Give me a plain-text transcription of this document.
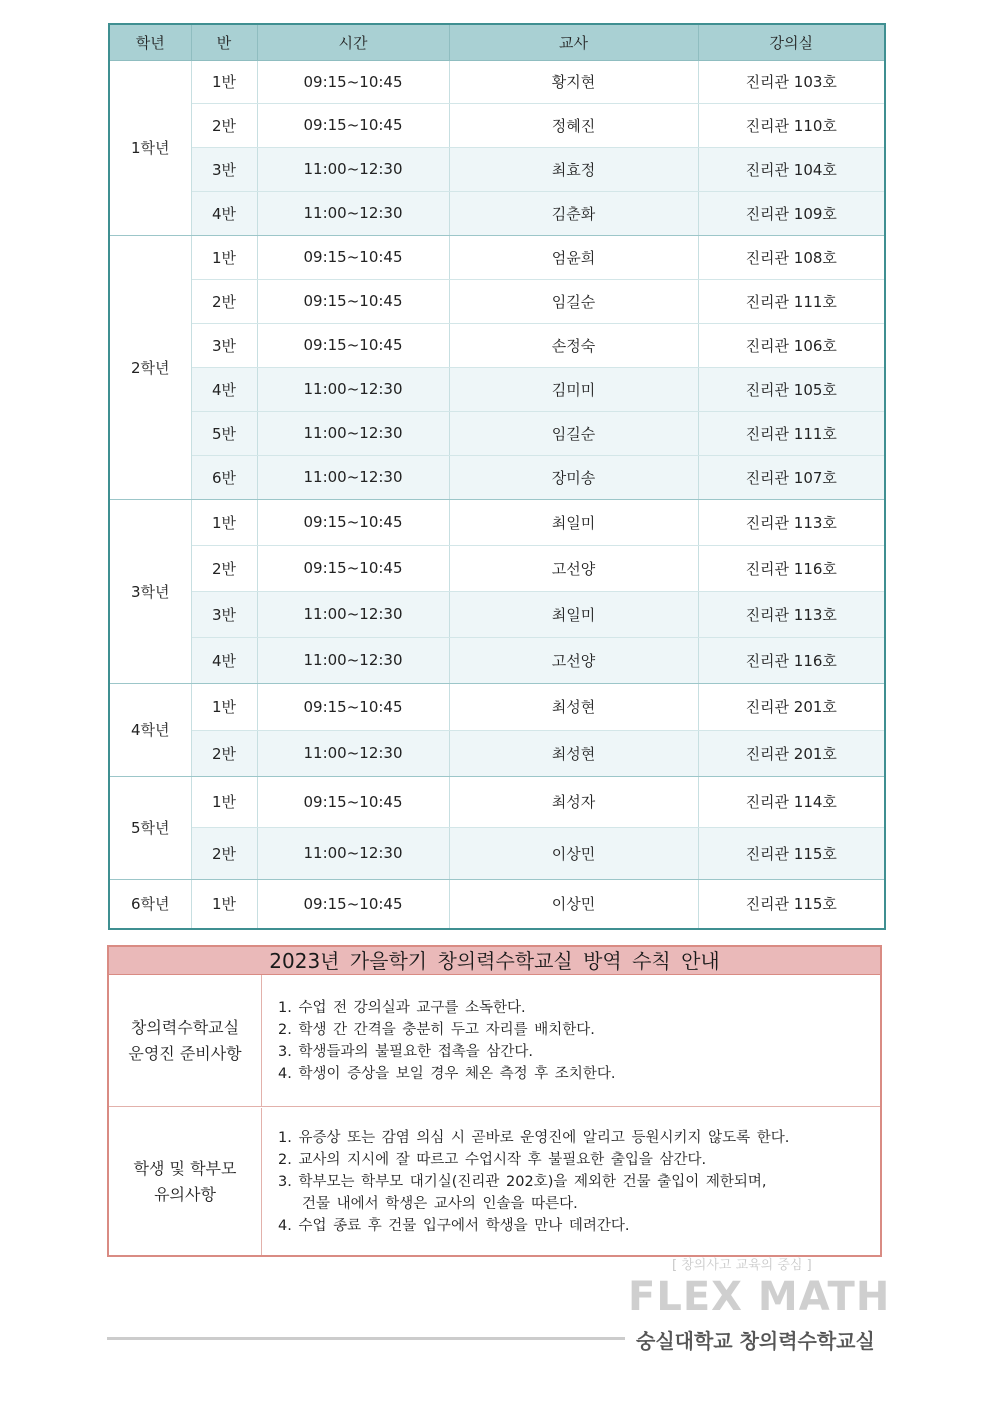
학년	반	시간	교사	강의실
1학년	1반	09:15~10:45	황지현	진리관 103호
	2반	09:15~10:45	정혜진	진리관 110호
	3반	11:00~12:30	최효정	진리관 104호
	4반	11:00~12:30	김춘화	진리관 109호
2학년	1반	09:15~10:45	엄윤희	진리관 108호
	2반	09:15~10:45	임길순	진리관 111호
	3반	09:15~10:45	손정숙	진리관 106호
	4반	11:00~12:30	김미미	진리관 105호
	5반	11:00~12:30	임길순	진리관 111호
	6반	11:00~12:30	장미송	진리관 107호
3학년	1반	09:15~10:45	최일미	진리관 113호
	2반	09:15~10:45	고선양	진리관 116호
	3반	11:00~12:30	최일미	진리관 113호
	4반	11:00~12:30	고선양	진리관 116호
4학년	1반	09:15~10:45	최성현	진리관 201호
	2반	11:00~12:30	최성현	진리관 201호
5학년	1반	09:15~10:45	최성자	진리관 114호
	2반	11:00~12:30	이상민	진리관 115호
6학년	1반	09:15~10:45	이상민	진리관 115호
2023년 가을학기 창의력수학교실 방역 수칙 안내
창의력수학교실
운영진 준비사항
1. 수업 전 강의실과 교구를 소독한다.
2. 학생 간 간격을 충분히 두고 자리를 배치한다.
3. 학생들과의 불필요한 접촉을 삼간다.
4. 학생이 증상을 보일 경우 체온 측정 후 조치한다.
학생 및 학부모
유의사항
1. 유증상 또는 감염 의심 시 곧바로 운영진에 알리고 등원시키지 않도록 한다.
2. 교사의 지시에 잘 따르고 수업시작 후 불필요한 출입을 삼간다.
3. 학부모는 학부모 대기실(진리관 202호)을 제외한 건물 출입이 제한되며,
건물 내에서 학생은 교사의 인솔을 따른다.
4. 수업 종료 후 건물 입구에서 학생을 만나 데려간다.
[ 창의사고 교육의 중심 ]
FLEX MATH
숭실대학교 창의력수학교실
